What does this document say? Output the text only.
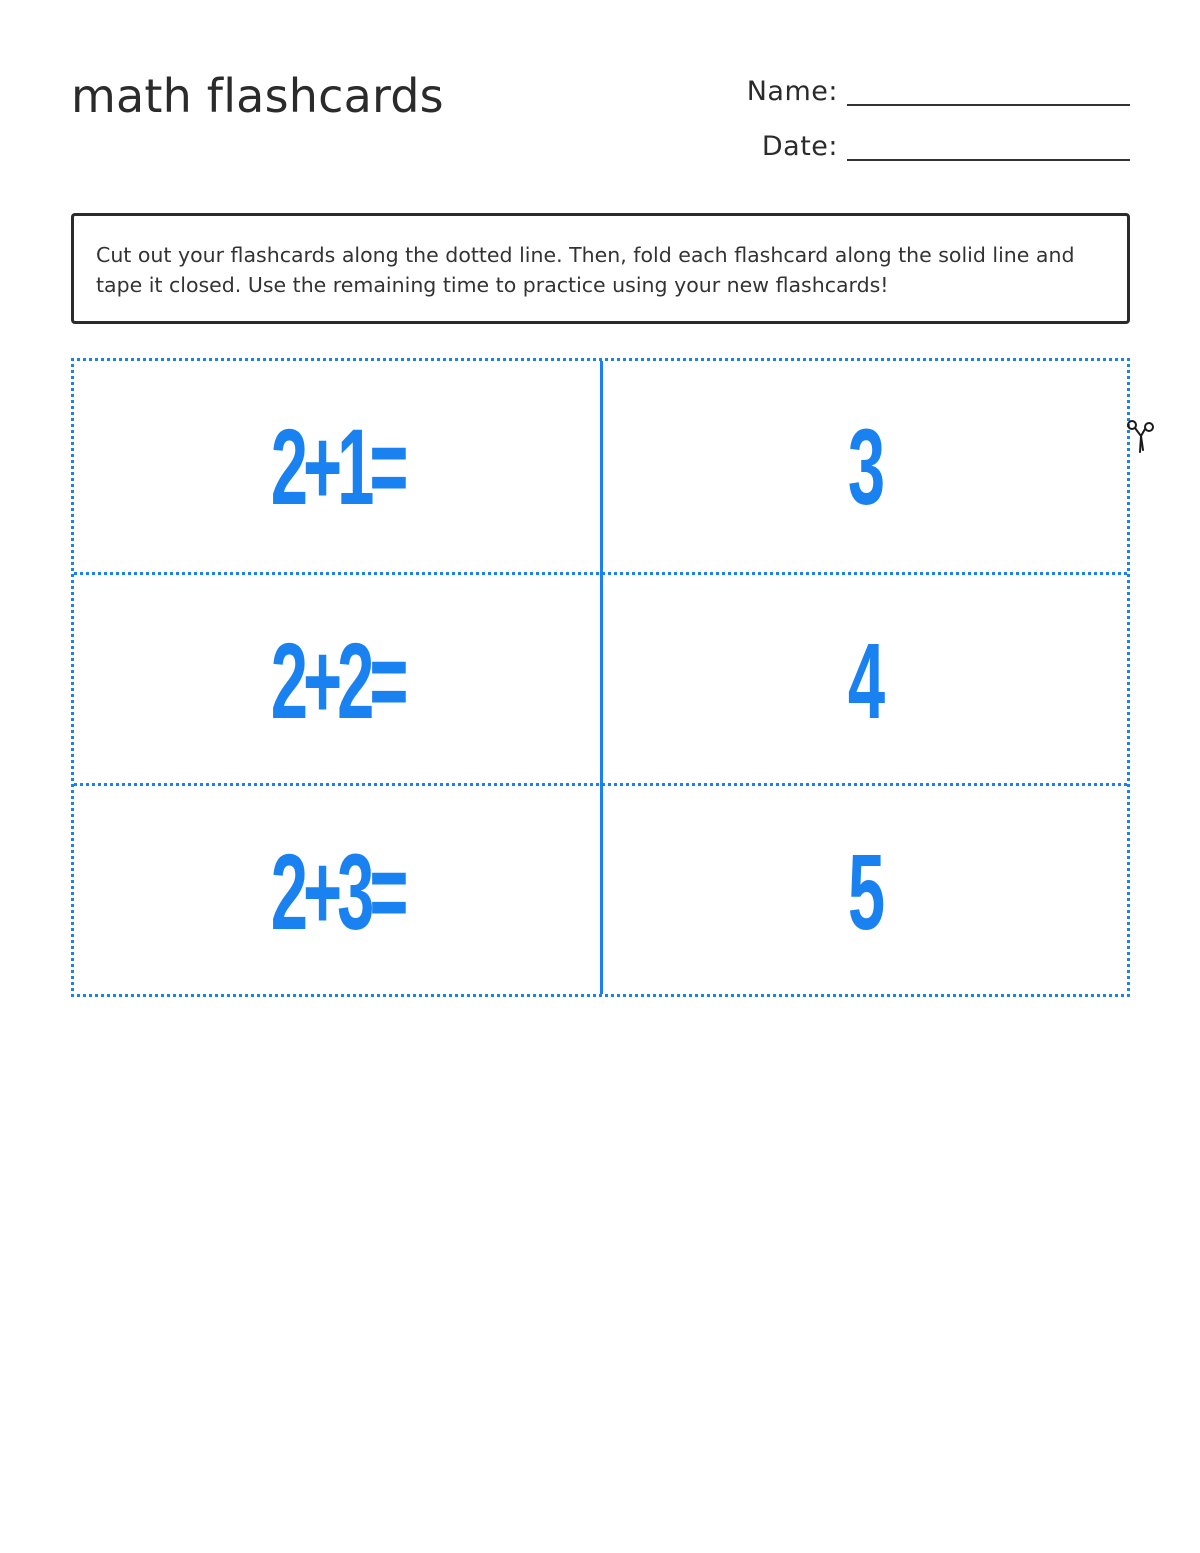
math flashcards	Name:
Date:
Cut out your flashcards along the dotted line. Then, fold each flashcard along the solid line and tape it closed. Use the remaining time to practice using your new flashcards!
2+1=	3
2+2=	4
2+3=	5
